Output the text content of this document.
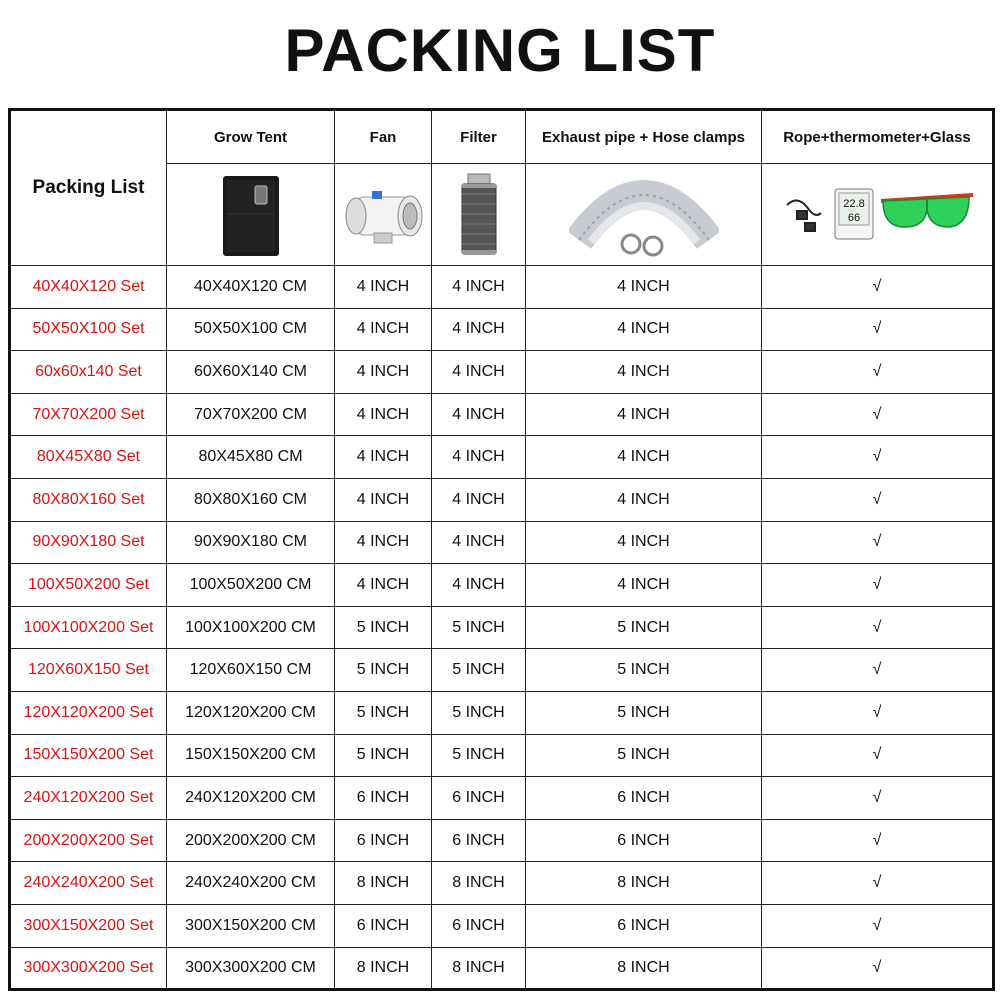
PACKING LIST
Packing List	Grow Tent	Fan	Filter	Exhaust pipe + Hose clamps	Rope+thermometer+Glass

22.8
66

40X40X120 Set	40X40X120 CM	4 INCH	4 INCH	4 INCH	√
50X50X100 Set	50X50X100 CM	4 INCH	4 INCH	4 INCH	√
60x60x140 Set	60X60X140 CM	4 INCH	4 INCH	4 INCH	√
70X70X200 Set	70X70X200 CM	4 INCH	4 INCH	4 INCH	√
80X45X80 Set	80X45X80 CM	4 INCH	4 INCH	4 INCH	√
80X80X160 Set	80X80X160 CM	4 INCH	4 INCH	4 INCH	√
90X90X180 Set	90X90X180 CM	4 INCH	4 INCH	4 INCH	√
100X50X200 Set	100X50X200 CM	4 INCH	4 INCH	4 INCH	√
100X100X200 Set	100X100X200 CM	5 INCH	5 INCH	5 INCH	√
120X60X150 Set	120X60X150 CM	5 INCH	5 INCH	5 INCH	√
120X120X200 Set	120X120X200 CM	5 INCH	5 INCH	5 INCH	√
150X150X200 Set	150X150X200 CM	5 INCH	5 INCH	5 INCH	√
240X120X200 Set	240X120X200 CM	6 INCH	6 INCH	6 INCH	√
200X200X200 Set	200X200X200 CM	6 INCH	6 INCH	6 INCH	√
240X240X200 Set	240X240X200 CM	8 INCH	8 INCH	8 INCH	√
300X150X200 Set	300X150X200 CM	6 INCH	6 INCH	6 INCH	√
300X300X200 Set	300X300X200 CM	8 INCH	8 INCH	8 INCH	√
